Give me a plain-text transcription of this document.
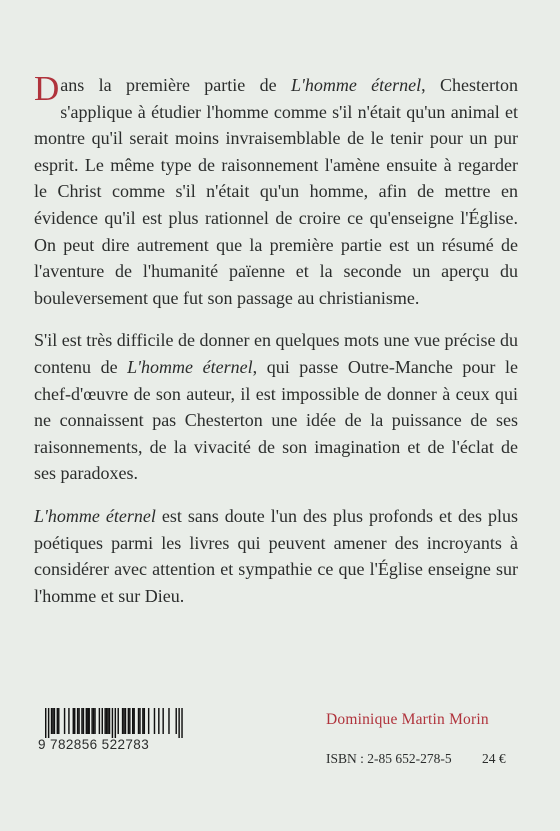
Dans la première partie de L'homme éternel, Chesterton s'applique à étudier l'homme comme s'il n'était qu'un animal et montre qu'il serait moins invraisemblable de le tenir pour un pur esprit. Le même type de raisonnement l'amène ensuite à regarder le Christ comme s'il n'était qu'un homme, afin de mettre en évidence qu'il est plus rationnel de croire ce qu'enseigne l'Église. On peut dire autrement que la première partie est un résumé de l'aventure de l'humanité païenne et la seconde un aperçu du bouleversement que fut son passage au christianisme.

S'il est très difficile de donner en quelques mots une vue précise du contenu de L'homme éternel, qui passe Outre-Manche pour le chef-d'œuvre de son auteur, il est impossible de donner à ceux qui ne connaissent pas Chesterton une idée de la puissance de ses raisonnements, de la vivacité de son imagination et de l'éclat de ses paradoxes.

L'homme éternel est sans doute l'un des plus profonds et des plus poétiques parmi les livres qui peuvent amener des incroyants à considérer avec attention et sympathie ce que l'Église enseigne sur l'homme et sur Dieu.

9 782856 522783
Dominique Martin Morin
ISBN : 2-85 652-278-5 24 €
